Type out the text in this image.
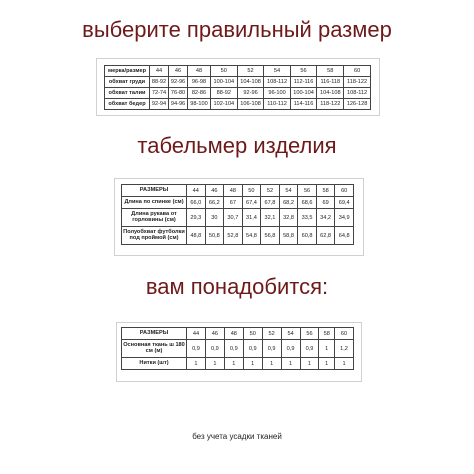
выберите правильный размер
мерка/размер	44	46	48	50	52	54	56	58	60
обхват груди	88-92	92-96	96-98	100-104	104-108	108-112	112-116	116-118	118-122
обхват талии	72-74	76-80	82-86	88-92	92-96	96-100	100-104	104-108	108-112
обхват бедер	92-94	94-96	98-100	102-104	106-108	110-112	114-116	118-122	126-128
табельмер изделия
РАЗМЕРЫ	44	46	48	50	52	54	56	58	60
Длина по спинке (см)	66,0	66,2	67	67,4	67,8	68,2	68,6	69	69,4
Длина рукава от горловины (см)	29,3	30	30,7	31,4	32,1	32,8	33,5	34,2	34,9
Полуобхват футболки под проймой (см)	48,8	50,8	52,8	54,8	56,8	58,8	60,8	62,8	64,8
вам понадобится:
РАЗМЕРЫ	44	46	48	50	52	54	56	58	60
Основная ткань ш 180 см (м)	0,9	0,9	0,9	0,9	0,9	0,9	0,9	1	1,2
Нитки (шт)	1	1	1	1	1	1	1	1	1
без учета усадки тканей
